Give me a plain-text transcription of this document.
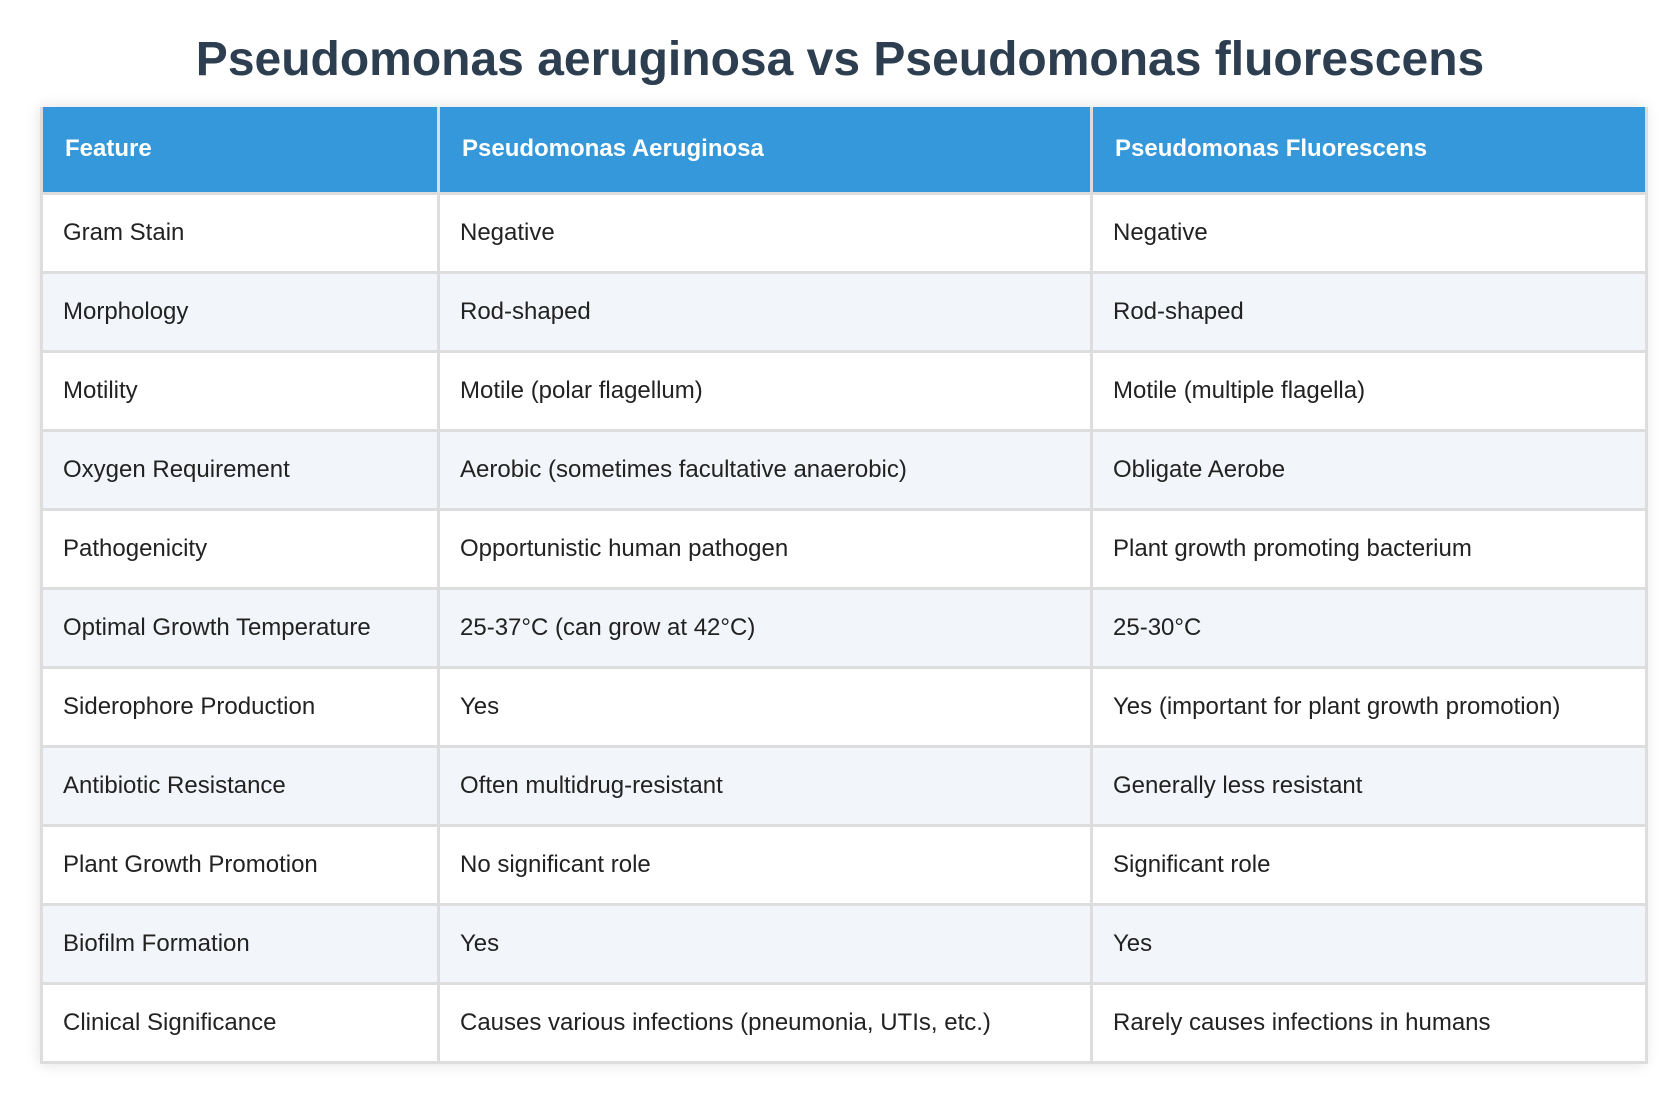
Pseudomonas aeruginosa vs Pseudomonas fluorescens
Feature	Pseudomonas Aeruginosa	Pseudomonas Fluorescens
Gram Stain	Negative	Negative
Morphology	Rod-shaped	Rod-shaped
Motility	Motile (polar flagellum)	Motile (multiple flagella)
Oxygen Requirement	Aerobic (sometimes facultative anaerobic)	Obligate Aerobe
Pathogenicity	Opportunistic human pathogen	Plant growth promoting bacterium
Optimal Growth Temperature	25-37°C (can grow at 42°C)	25-30°C
Siderophore Production	Yes	Yes (important for plant growth promotion)
Antibiotic Resistance	Often multidrug-resistant	Generally less resistant
Plant Growth Promotion	No significant role	Significant role
Biofilm Formation	Yes	Yes
Clinical Significance	Causes various infections (pneumonia, UTIs, etc.)	Rarely causes infections in humans
